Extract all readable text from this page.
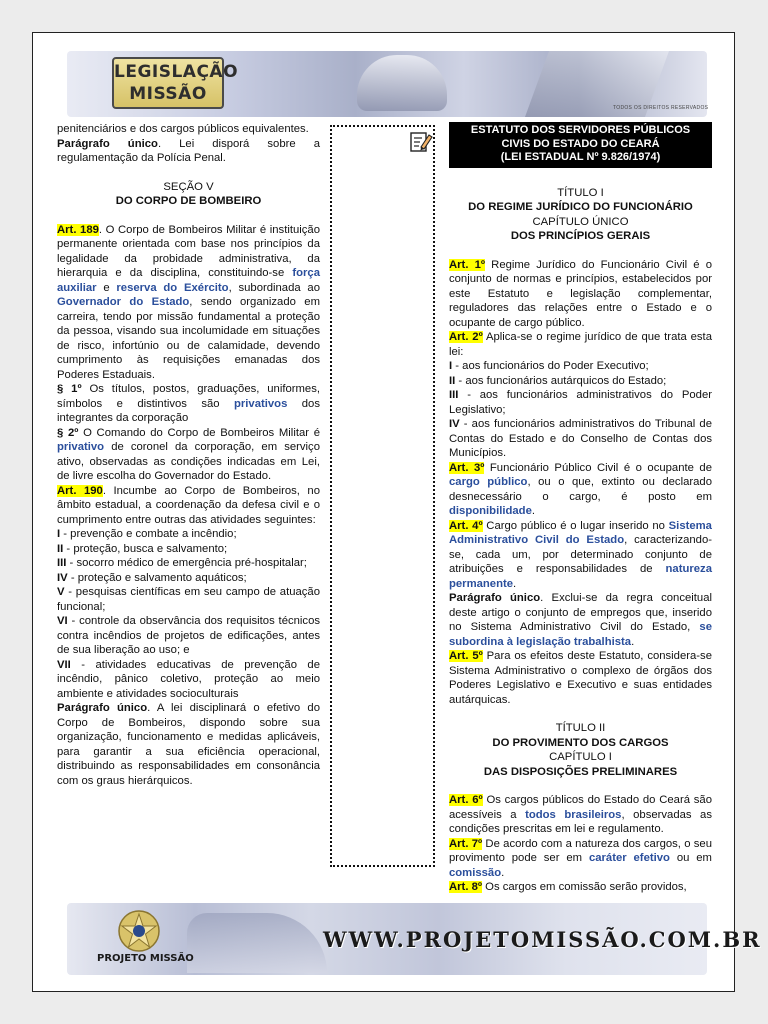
LEGISLAÇÃO
MISSÃO
TODOS OS DIREITOS RESERVADOS

penitenciários e dos cargos públicos equivalentes.

Parágrafo único. Lei disporá sobre a regulamentação da Polícia Penal.

SEÇÃO V

DO CORPO DE BOMBEIRO

Art. 189. O Corpo de Bombeiros Militar é instituição permanente orientada com base nos princípios da legalidade da probidade administrativa, da hierarquia e da disciplina, constituindo-se força auxiliar e reserva do Exército, subordinada ao Governador do Estado, sendo organizado em carreira, tendo por missão fundamental a proteção da pessoa, visando sua incolumidade em situações de risco, infortúnio ou de calamidade, devendo cumprimento às requisições emanadas dos Poderes Estaduais.

§ 1º Os títulos, postos, graduações, uniformes, símbolos e distintivos são privativos dos integrantes da corporação

§ 2º O Comando do Corpo de Bombeiros Militar é privativo de coronel da corporação, em serviço ativo, observadas as condições indicadas em Lei, de livre escolha do Governador do Estado.

Art. 190. Incumbe ao Corpo de Bombeiros, no âmbito estadual, a coordenação da defesa civil e o cumprimento entre outras das atividades seguintes:

I - prevenção e combate a incêndio;

II - proteção, busca e salvamento;

III - socorro médico de emergência pré-hospitalar;

IV - proteção e salvamento aquáticos;

V - pesquisas científicas em seu campo de atuação funcional;

VI - controle da observância dos requisitos técnicos contra incêndios de projetos de edificações, antes de sua liberação ao uso; e

VII - atividades educativas de prevenção de incêndio, pânico coletivo, proteção ao meio ambiente e atividades socioculturais

Parágrafo único. A lei disciplinará o efetivo do Corpo de Bombeiros, dispondo sobre sua organização, funcionamento e medidas aplicáveis, para garantir a sua eficiência operacional, distribuindo as responsabilidades em consonância com os graus hierárquicos.

ESTATUTO DOS SERVIDORES PÚBLICOS
CIVIS DO ESTADO DO CEARÁ
(LEI ESTADUAL Nº 9.826/1974)

TÍTULO I

DO REGIME JURÍDICO DO FUNCIONÁRIO

CAPÍTULO ÚNICO

DOS PRINCÍPIOS GERAIS

Art. 1º Regime Jurídico do Funcionário Civil é o conjunto de normas e princípios, estabelecidos por este Estatuto e legislação complementar, reguladores das relações entre o Estado e o ocupante de cargo público.

Art. 2º Aplica-se o regime jurídico de que trata esta lei:

I - aos funcionários do Poder Executivo;

II - aos funcionários autárquicos do Estado;

III - aos funcionários administrativos do Poder Legislativo;

IV - aos funcionários administrativos do Tribunal de Contas do Estado e do Conselho de Contas dos Municípios.

Art. 3º Funcionário Público Civil é o ocupante de cargo público, ou o que, extinto ou declarado desnecessário o cargo, é posto em disponibilidade.

Art. 4º Cargo público é o lugar inserido no Sistema Administrativo Civil do Estado, caracterizando-se, cada um, por determinado conjunto de atribuições e responsabilidades de natureza permanente.

Parágrafo único. Exclui-se da regra conceitual deste artigo o conjunto de empregos que, inserido no Sistema Administrativo Civil do Estado, se subordina à legislação trabalhista.

Art. 5º Para os efeitos deste Estatuto, considera-se Sistema Administrativo o complexo de órgãos dos Poderes Legislativo e Executivo e suas entidades autárquicas.

TÍTULO II

DO PROVIMENTO DOS CARGOS

CAPÍTULO I

DAS DISPOSIÇÕES PRELIMINARES

Art. 6º Os cargos públicos do Estado do Ceará são acessíveis a todos brasileiros, observadas as condições prescritas em lei e regulamento.

Art. 7º De acordo com a natureza dos cargos, o seu provimento pode ser em caráter efetivo ou em comissão.

Art. 8º Os cargos em comissão serão providos,

PROJETO MISSÃO
WWW.PROJETOMISSÃO.COM.BR
